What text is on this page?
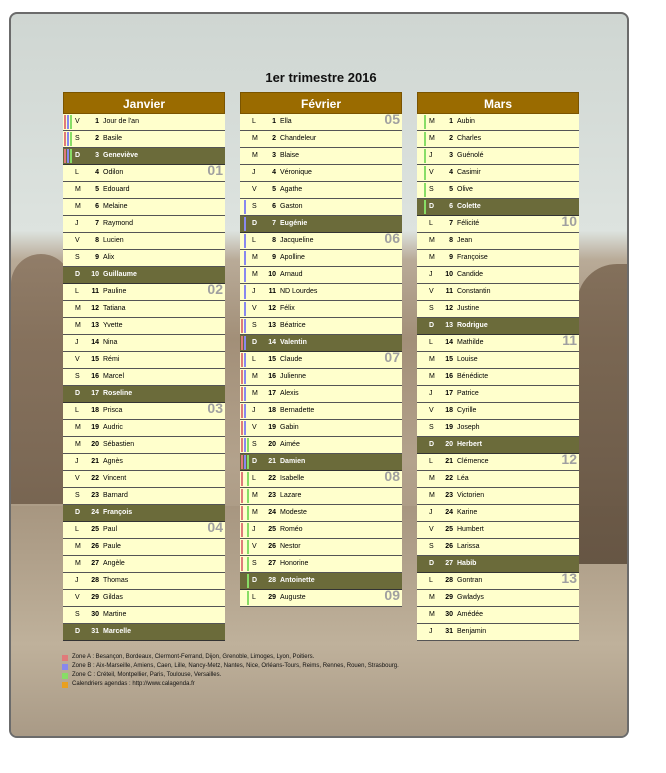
1er trimestre 2016
Janvier
V	1 Jour de l'an
S	2 Basile
D	3 Geneviève
L	4 Odilon	01
M	5 Edouard
M	6 Melaine
J	7 Raymond
V	8 Lucien
S	9 Alix
D	10 Guillaume
L	11 Pauline	02
M	12 Tatiana
M	13 Yvette
J	14 Nina
V	15 Rémi
S	16 Marcel
D	17 Roseline
L	18 Prisca	03
M	19 Audric
M	20 Sébastien
J	21 Agnès
V	22 Vincent
S	23 Barnard
D	24 François
L	25 Paul	04
M	26 Paule
M	27 Angèle
J	28 Thomas
V	29 Gildas
S	30 Martine
D	31 Marcelle
Février
L	1 Ella	05
M	2 Chandeleur
M	3 Blaise
J	4 Véronique
V	5 Agathe
S	6 Gaston
D	7 Eugénie
L	8 Jacqueline	06
M	9 Apolline
M	10 Arnaud
J	11 ND Lourdes
V	12 Félix
S	13 Béatrice
D	14 Valentin
L	15 Claude	07
M	16 Julienne
M	17 Alexis
J	18 Bernadette
V	19 Gabin
S	20 Aimée
D	21 Damien
L	22 Isabelle	08
M	23 Lazare
M	24 Modeste
J	25 Roméo
V	26 Nestor
S	27 Honorine
D	28 Antoinette
L	29 Auguste	09
Mars
M	1 Aubin
M	2 Charles
J	3 Guénolé
V	4 Casimir
S	5 Olive
D	6 Colette
L	7 Félicité	10
M	8 Jean
M	9 Françoise
J	10 Candide
V	11 Constantin
S	12 Justine
D	13 Rodrigue
L	14 Mathilde	11
M	15 Louise
M	16 Bénédicte
J	17 Patrice
V	18 Cyrille
S	19 Joseph
D	20 Herbert
L	21 Clémence	12
M	22 Léa
M	23 Victorien
J	24 Karine
V	25 Humbert
S	26 Larissa
D	27 Habib
L	28 Gontran	13
M	29 Gwladys
M	30 Amédée
J	31 Benjamin
Zone A : Besançon, Bordeaux, Clermont-Ferrand, Dijon, Grenoble, Limoges, Lyon, Poitiers.
Zone B : Aix-Marseille, Amiens, Caen, Lille, Nancy-Metz, Nantes, Nice, Orléans-Tours, Reims, Rennes, Rouen, Strasbourg.
Zone C : Créteil, Montpellier, Paris, Toulouse, Versailles.
Calendriers agendas : http://www.calagenda.fr
